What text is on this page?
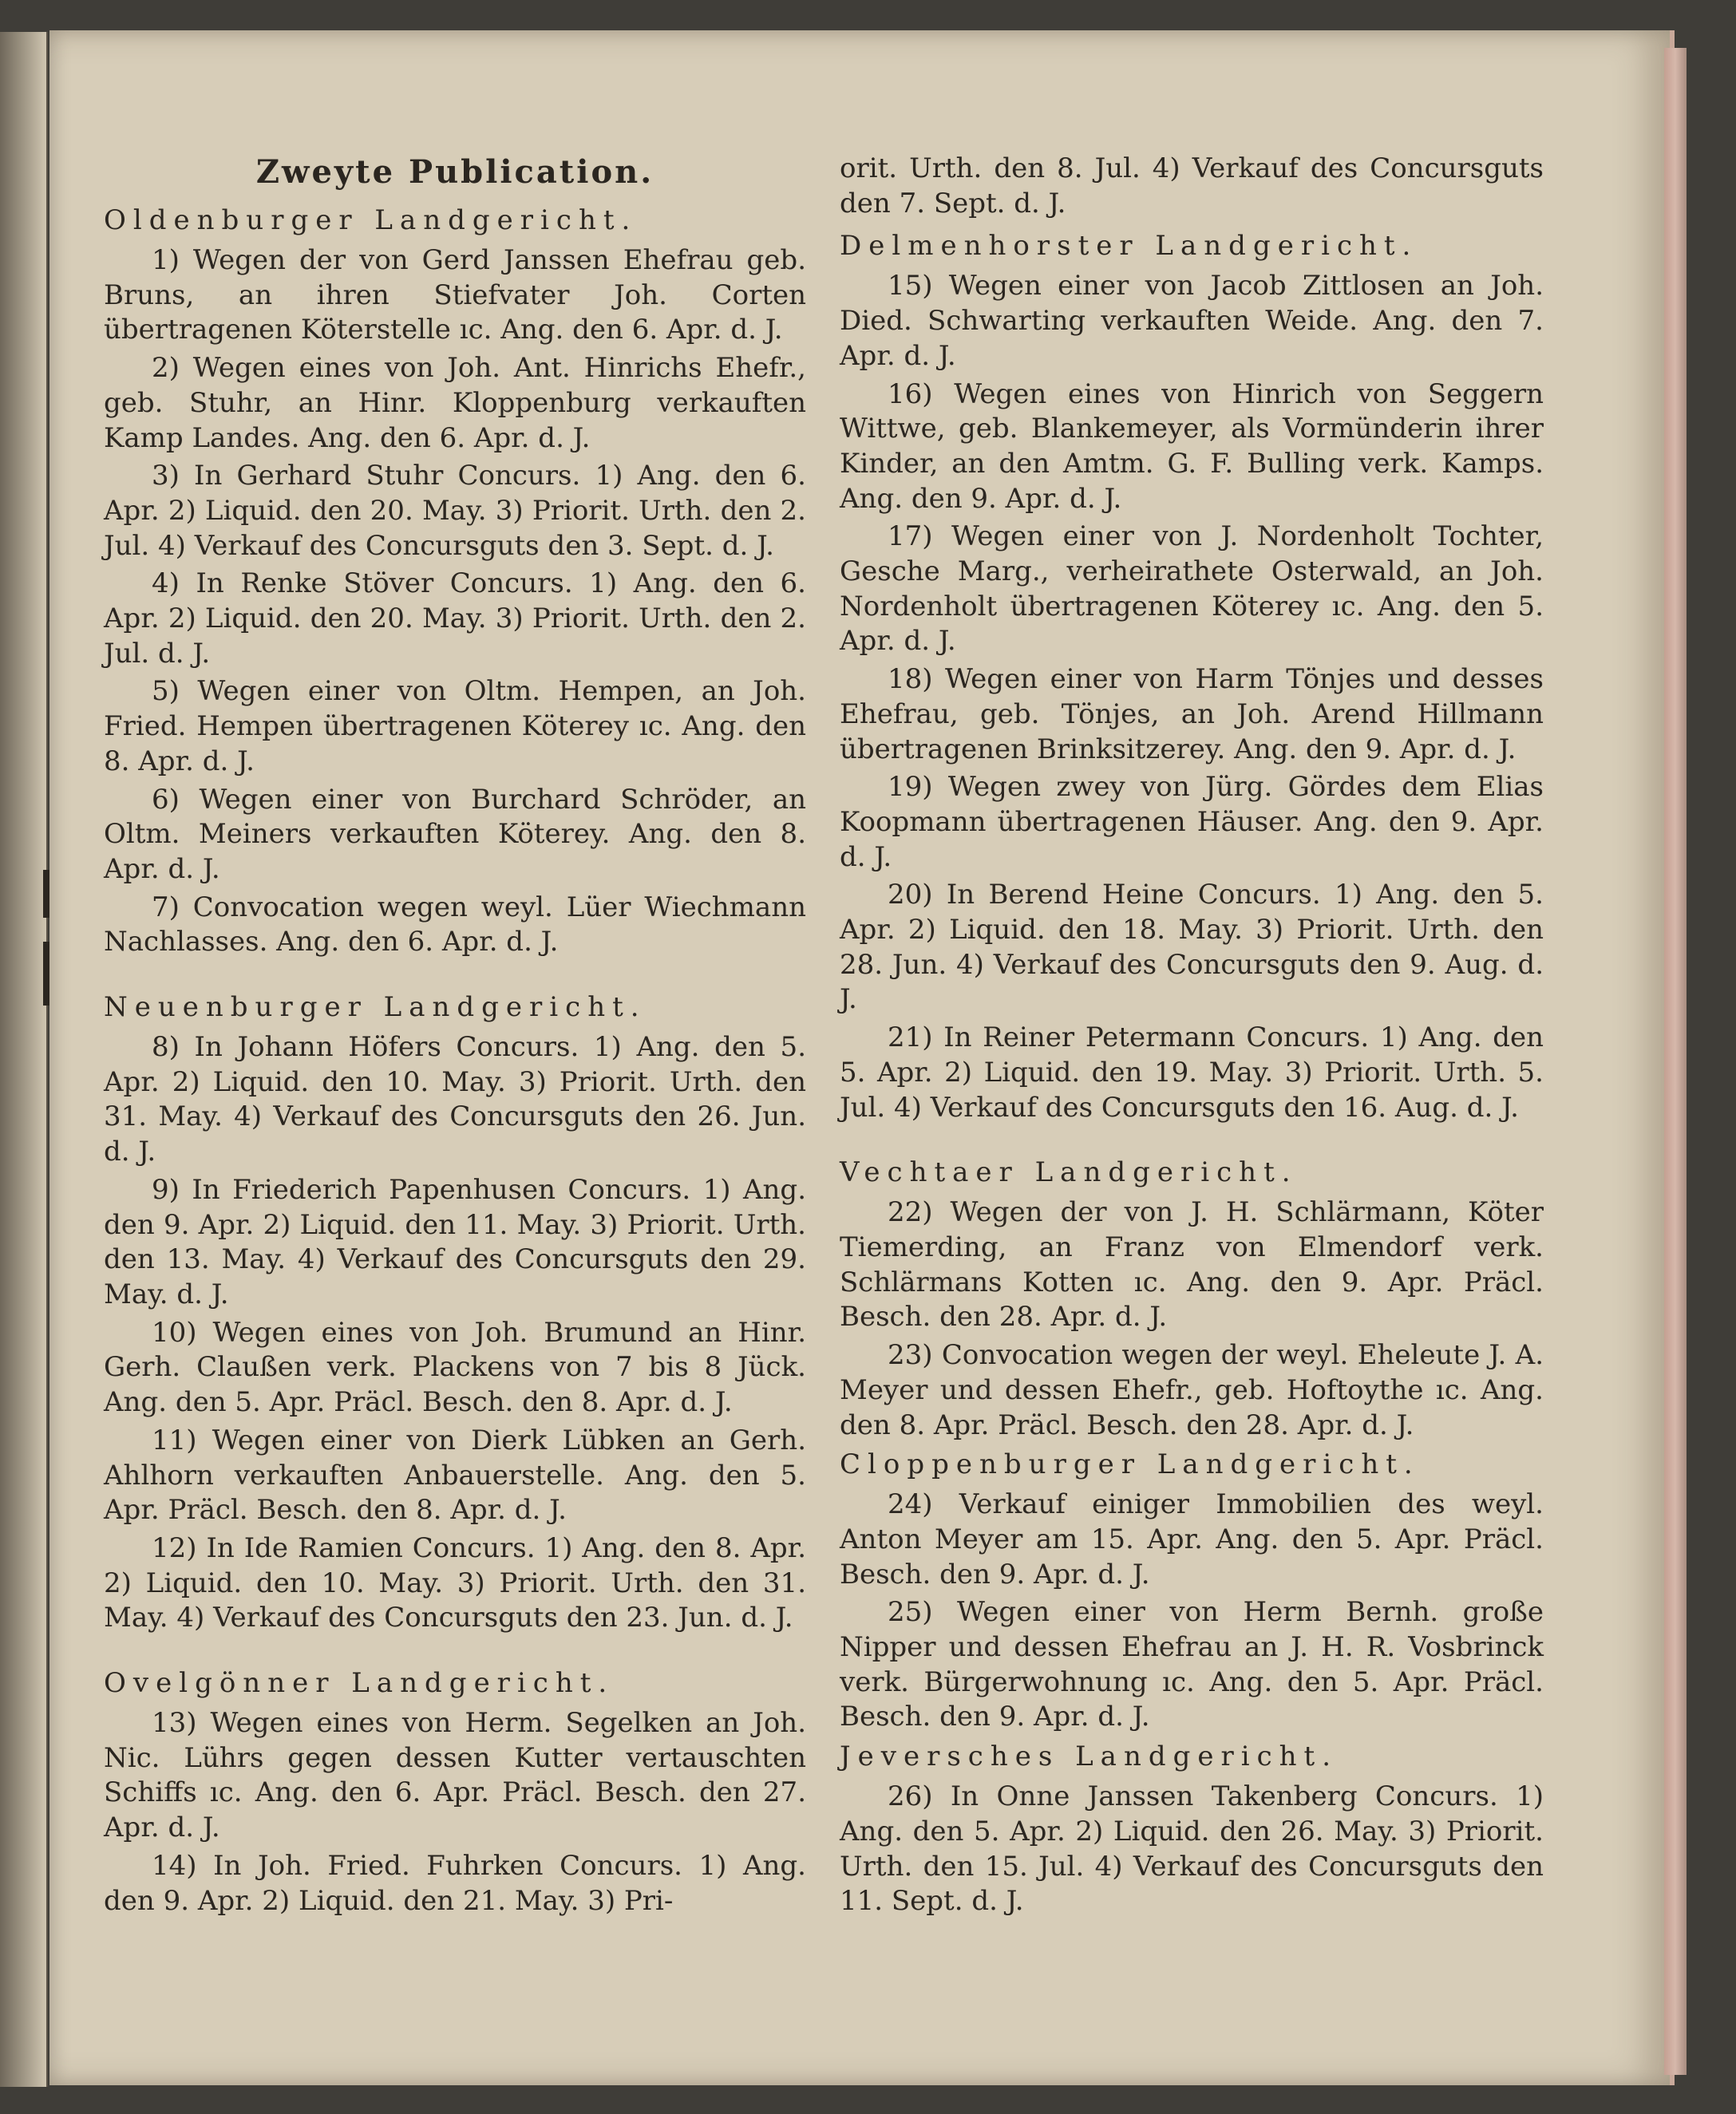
Zweyte Publication.
Oldenburger Landgericht.

1) Wegen der von Gerd Janssen Ehefrau geb. Bruns, an ihren Stiefvater Joh. Corten übertragenen Köterstelle ıc. Ang. den 6. Apr. d. J.

2) Wegen eines von Joh. Ant. Hinrichs Ehefr., geb. Stuhr, an Hinr. Kloppenburg verkauften Kamp Landes. Ang. den 6. Apr. d. J.

3) In Gerhard Stuhr Concurs. 1) Ang. den 6. Apr. 2) Liquid. den 20. May. 3) Priorit. Urth. den 2. Jul. 4) Verkauf des Concursguts den 3. Sept. d. J.

4) In Renke Stöver Concurs. 1) Ang. den 6. Apr. 2) Liquid. den 20. May. 3) Priorit. Urth. den 2. Jul. d. J.

5) Wegen einer von Oltm. Hempen, an Joh. Fried. Hempen übertragenen Köterey ıc. Ang. den 8. Apr. d. J.

6) Wegen einer von Burchard Schröder, an Oltm. Meiners verkauften Köterey. Ang. den 8. Apr. d. J.

7) Convocation wegen weyl. Lüer Wiechmann Nachlasses. Ang. den 6. Apr. d. J.

Neuenburger Landgericht.

8) In Johann Höfers Concurs. 1) Ang. den 5. Apr. 2) Liquid. den 10. May. 3) Priorit. Urth. den 31. May. 4) Verkauf des Concursguts den 26. Jun. d. J.

9) In Friederich Papenhusen Concurs. 1) Ang. den 9. Apr. 2) Liquid. den 11. May. 3) Priorit. Urth. den 13. May. 4) Verkauf des Concursguts den 29. May. d. J.

10) Wegen eines von Joh. Brumund an Hinr. Gerh. Claußen verk. Plackens von 7 bis 8 Jück. Ang. den 5. Apr. Präcl. Besch. den 8. Apr. d. J.

11) Wegen einer von Dierk Lübken an Gerh. Ahlhorn verkauften Anbauerstelle. Ang. den 5. Apr. Präcl. Besch. den 8. Apr. d. J.

12) In Ide Ramien Concurs. 1) Ang. den 8. Apr. 2) Liquid. den 10. May. 3) Priorit. Urth. den 31. May. 4) Verkauf des Concursguts den 23. Jun. d. J.

Ovelgönner Landgericht.

13) Wegen eines von Herm. Segelken an Joh. Nic. Lührs gegen dessen Kutter vertauschten Schiffs ıc. Ang. den 6. Apr. Präcl. Besch. den 27. Apr. d. J.

14) In Joh. Fried. Fuhrken Concurs. 1) Ang. den 9. Apr. 2) Liquid. den 21. May. 3) Pri-

orit. Urth. den 8. Jul. 4) Verkauf des Concursguts den 7. Sept. d. J.

Delmenhorster Landgericht.

15) Wegen einer von Jacob Zittlosen an Joh. Died. Schwarting verkauften Weide. Ang. den 7. Apr. d. J.

16) Wegen eines von Hinrich von Seggern Wittwe, geb. Blankemeyer, als Vormünderin ihrer Kinder, an den Amtm. G. F. Bulling verk. Kamps. Ang. den 9. Apr. d. J.

17) Wegen einer von J. Nordenholt Tochter, Gesche Marg., verheirathete Osterwald, an Joh. Nordenholt übertragenen Köterey ıc. Ang. den 5. Apr. d. J.

18) Wegen einer von Harm Tönjes und desses Ehefrau, geb. Tönjes, an Joh. Arend Hillmann übertragenen Brinksitzerey. Ang. den 9. Apr. d. J.

19) Wegen zwey von Jürg. Gördes dem Elias Koopmann übertragenen Häuser. Ang. den 9. Apr. d. J.

20) In Berend Heine Concurs. 1) Ang. den 5. Apr. 2) Liquid. den 18. May. 3) Priorit. Urth. den 28. Jun. 4) Verkauf des Concursguts den 9. Aug. d. J.

21) In Reiner Petermann Concurs. 1) Ang. den 5. Apr. 2) Liquid. den 19. May. 3) Priorit. Urth. 5. Jul. 4) Verkauf des Concursguts den 16. Aug. d. J.

Vechtaer Landgericht.

22) Wegen der von J. H. Schlärmann, Köter Tiemerding, an Franz von Elmendorf verk. Schlärmans Kotten ıc. Ang. den 9. Apr. Präcl. Besch. den 28. Apr. d. J.

23) Convocation wegen der weyl. Eheleute J. A. Meyer und dessen Ehefr., geb. Hoftoythe ıc. Ang. den 8. Apr. Präcl. Besch. den 28. Apr. d. J.

Cloppenburger Landgericht.

24) Verkauf einiger Immobilien des weyl. Anton Meyer am 15. Apr. Ang. den 5. Apr. Präcl. Besch. den 9. Apr. d. J.

25) Wegen einer von Herm Bernh. große Nipper und dessen Ehefrau an J. H. R. Vosbrinck verk. Bürgerwohnung ıc. Ang. den 5. Apr. Präcl. Besch. den 9. Apr. d. J.

Jeversches Landgericht.

26) In Onne Janssen Takenberg Concurs. 1) Ang. den 5. Apr. 2) Liquid. den 26. May. 3) Priorit. Urth. den 15. Jul. 4) Verkauf des Concursguts den 11. Sept. d. J.
